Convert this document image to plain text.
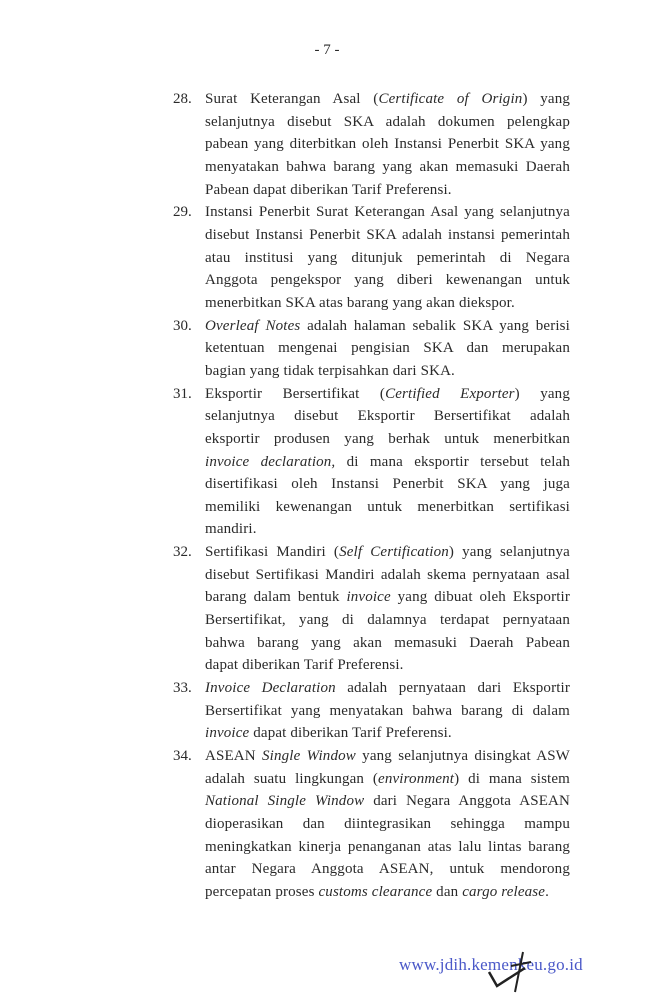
- 7 -
28. Surat Keterangan Asal (Certificate of Origin) yang
selanjutnya disebut SKA adalah dokumen pelengkap
pabean yang diterbitkan oleh Instansi Penerbit SKA yang
menyatakan bahwa barang yang akan memasuki Daerah
Pabean dapat diberikan Tarif Preferensi.
29. Instansi Penerbit Surat Keterangan Asal yang selanjutnya
disebut Instansi Penerbit SKA adalah instansi pemerintah
atau institusi yang ditunjuk pemerintah di Negara
Anggota pengekspor yang diberi kewenangan untuk
menerbitkan SKA atas barang yang akan diekspor.
30. Overleaf Notes adalah halaman sebalik SKA yang berisi
ketentuan mengenai pengisian SKA dan merupakan
bagian yang tidak terpisahkan dari SKA.
31. Eksportir Bersertifikat (Certified Exporter) yang
selanjutnya disebut Eksportir Bersertifikat adalah
eksportir produsen yang berhak untuk menerbitkan
invoice declaration, di mana eksportir tersebut telah
disertifikasi oleh Instansi Penerbit SKA yang juga
memiliki kewenangan untuk menerbitkan sertifikasi
mandiri.
32. Sertifikasi Mandiri (Self Certification) yang selanjutnya
disebut Sertifikasi Mandiri adalah skema pernyataan asal
barang dalam bentuk invoice yang dibuat oleh Eksportir
Bersertifikat, yang di dalamnya terdapat pernyataan
bahwa barang yang akan memasuki Daerah Pabean
dapat diberikan Tarif Preferensi.
33. Invoice Declaration adalah pernyataan dari Eksportir
Bersertifikat yang menyatakan bahwa barang di dalam
invoice dapat diberikan Tarif Preferensi.
34. ASEAN Single Window yang selanjutnya disingkat ASW
adalah suatu lingkungan (environment) di mana sistem
National Single Window dari Negara Anggota ASEAN
dioperasikan dan diintegrasikan sehingga mampu
meningkatkan kinerja penanganan atas lalu lintas barang
antar Negara Anggota ASEAN, untuk mendorong
percepatan proses customs clearance dan cargo release.
www.jdih.kemenkeu.go.id
